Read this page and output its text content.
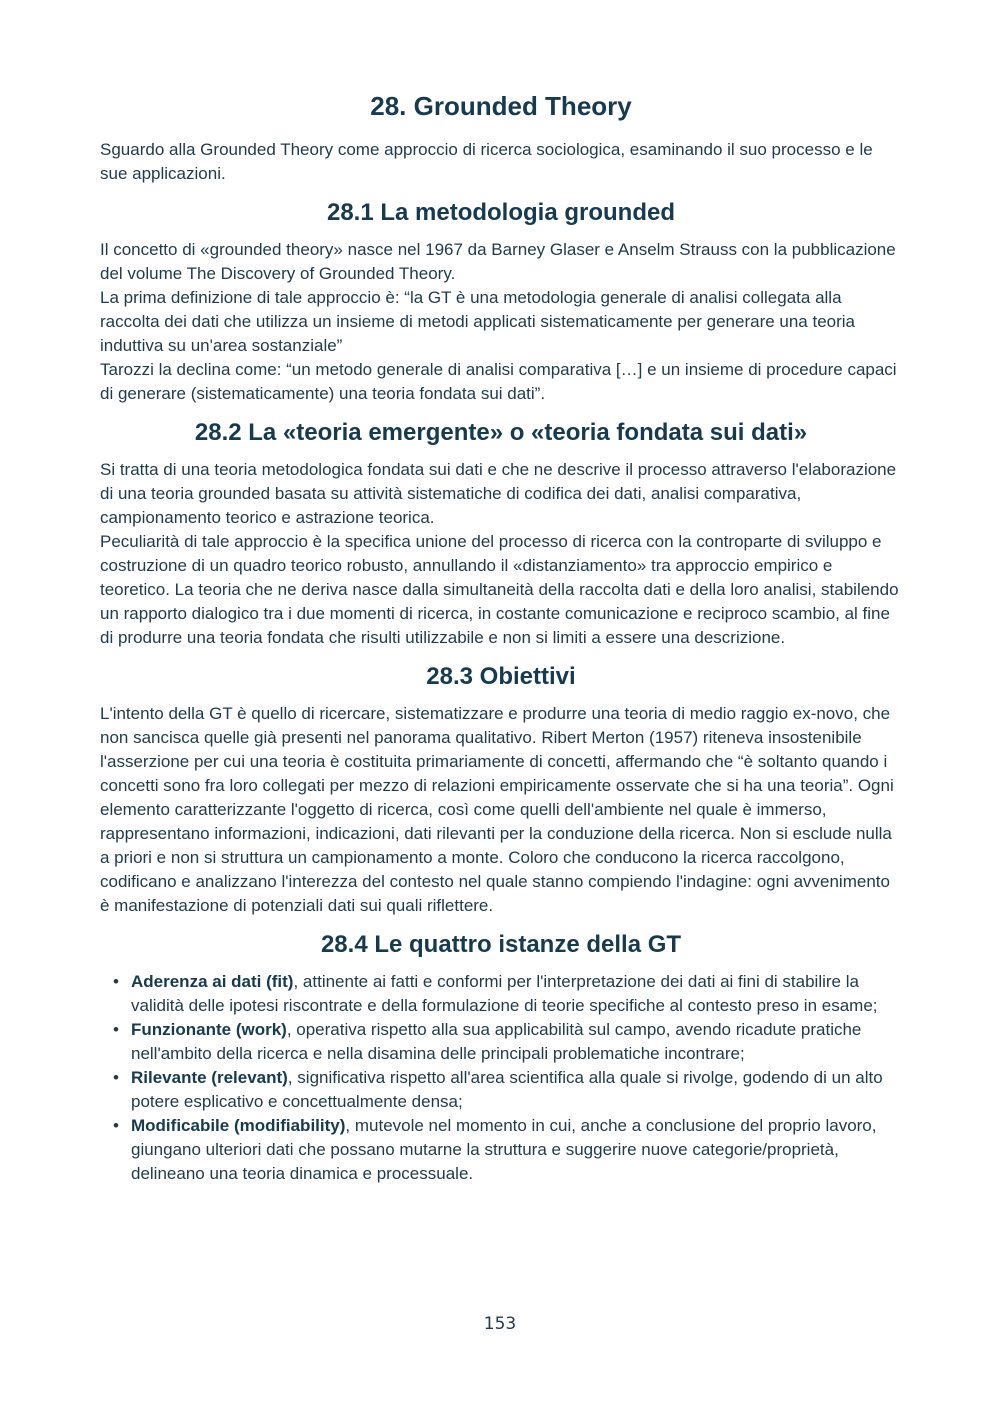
28. Grounded Theory

Sguardo alla Grounded Theory come approccio di ricerca sociologica, esaminando il suo processo e le sue applicazioni.

28.1 La metodologia grounded

Il concetto di «grounded theory» nasce nel 1967 da Barney Glaser e Anselm Strauss con la pubblicazione del volume The Discovery of Grounded Theory.

La prima definizione di tale approccio è: “la GT è una metodologia generale di analisi collegata alla raccolta dei dati che utilizza un insieme di metodi applicati sistematicamente per generare una teoria induttiva su un'area sostanziale”

Tarozzi la declina come: “un metodo generale di analisi comparativa […] e un insieme di procedure capaci di generare (sistematicamente) una teoria fondata sui dati”.

28.2 La «teoria emergente» o «teoria fondata sui dati»

Si tratta di una teoria metodologica fondata sui dati e che ne descrive il processo attraverso l'elaborazione di una teoria grounded basata su attività sistematiche di codifica dei dati, analisi comparativa, campionamento teorico e astrazione teorica.

Peculiarità di tale approccio è la specifica unione del processo di ricerca con la controparte di sviluppo e costruzione di un quadro teorico robusto, annullando il «distanziamento» tra approccio empirico e teoretico. La teoria che ne deriva nasce dalla simultaneità della raccolta dati e della loro analisi, stabilendo un rapporto dialogico tra i due momenti di ricerca, in costante comunicazione e reciproco scambio, al fine di produrre una teoria fondata che risulti utilizzabile e non si limiti a essere una descrizione.

28.3 Obiettivi

L'intento della GT è quello di ricercare, sistematizzare e produrre una teoria di medio raggio ex-novo, che non sancisca quelle già presenti nel panorama qualitativo. Ribert Merton (1957) riteneva insostenibile l'asserzione per cui una teoria è costituita primariamente di concetti, affermando che “è soltanto quando i concetti sono fra loro collegati per mezzo di relazioni empiricamente osservate che si ha una teoria”. Ogni elemento caratterizzante l'oggetto di ricerca, così come quelli dell'ambiente nel quale è immerso, rappresentano informazioni, indicazioni, dati rilevanti per la conduzione della ricerca. Non si esclude nulla a priori e non si struttura un campionamento a monte. Coloro che conducono la ricerca raccolgono, codificano e analizzano l'interezza del contesto nel quale stanno compiendo l'indagine: ogni avvenimento è manifestazione di potenziali dati sui quali riflettere.

28.4 Le quattro istanze della GT
• Aderenza ai dati (fit), attinente ai fatti e conformi per l'interpretazione dei dati ai fini di stabilire la validità delle ipotesi riscontrate e della formulazione di teorie specifiche al contesto preso in esame;
• Funzionante (work), operativa rispetto alla sua applicabilità sul campo, avendo ricadute pratiche nell'ambito della ricerca e nella disamina delle principali problematiche incontrare;
• Rilevante (relevant), significativa rispetto all'area scientifica alla quale si rivolge, godendo di un alto potere esplicativo e concettualmente densa;
• Modificabile (modifiability), mutevole nel momento in cui, anche a conclusione del proprio lavoro, giungano ulteriori dati che possano mutarne la struttura e suggerire nuove categorie/proprietà, delineano una teoria dinamica e processuale.
153
